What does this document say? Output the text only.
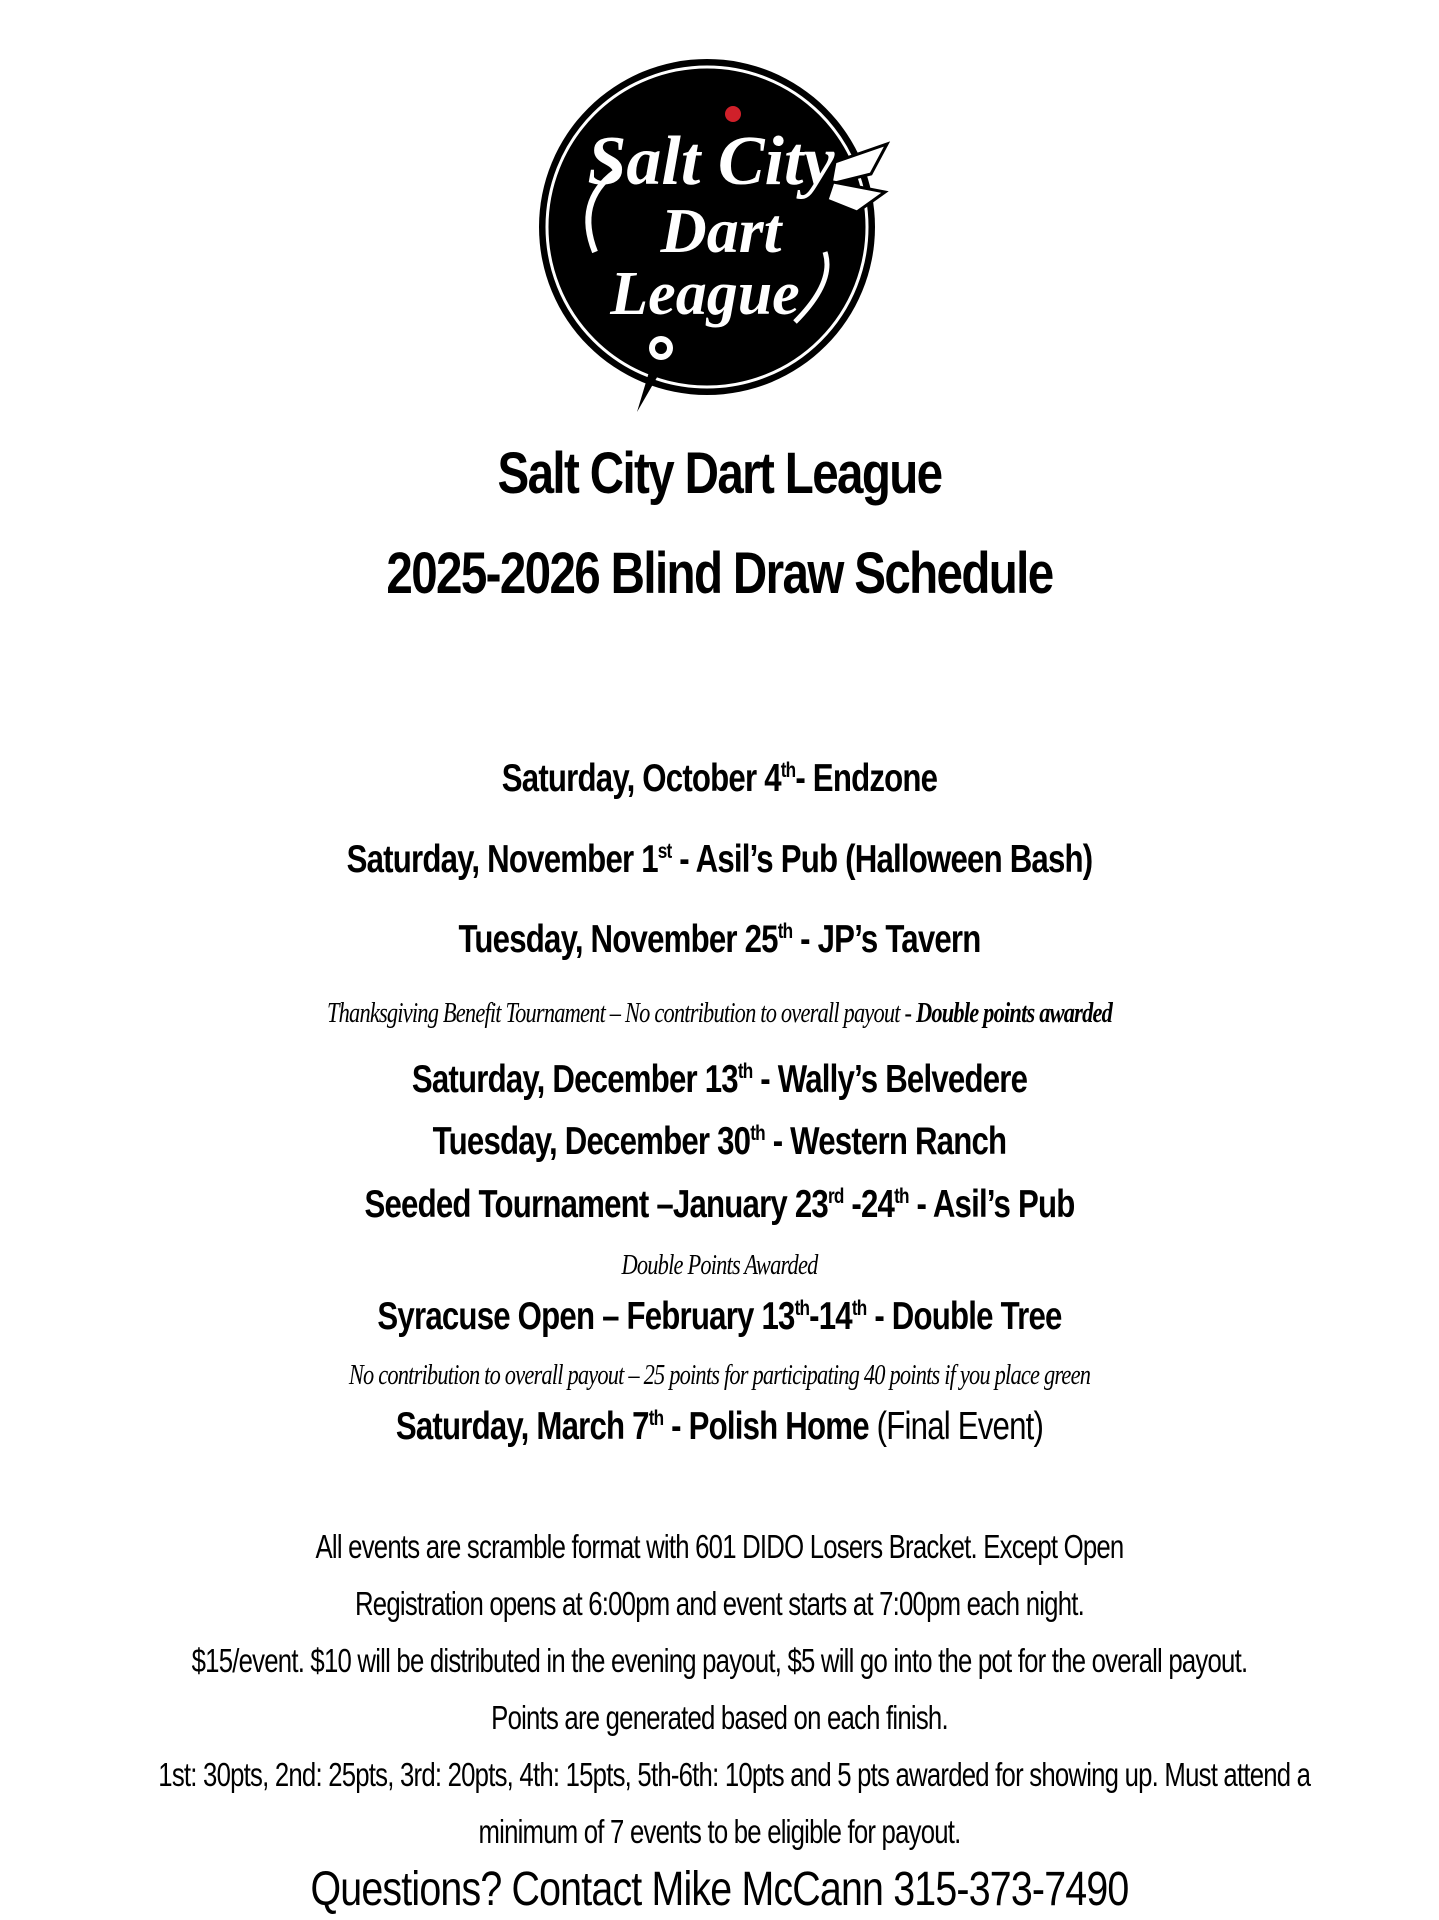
Salt City
Dart
League
Salt City Dart League
2025-2026 Blind Draw Schedule
Saturday, October 4th- Endzone
Saturday, November 1st - Asil’s Pub (Halloween Bash)
Tuesday, November 25th - JP’s Tavern
Thanksgiving Benefit Tournament – No contribution to overall payout - Double points awarded
Saturday, December 13th - Wally’s Belvedere
Tuesday, December 30th - Western Ranch
Seeded Tournament –January 23rd -24th - Asil’s Pub
Double Points Awarded
Syracuse Open – February 13th-14th - Double Tree
No contribution to overall payout – 25 points for participating 40 points if you place green
Saturday, March 7th - Polish Home (Final Event)
All events are scramble format with 601 DIDO Losers Bracket. Except Open
Registration opens at 6:00pm and event starts at 7:00pm each night.
$15/event. $10 will be distributed in the evening payout, $5 will go into the pot for the overall payout.
Points are generated based on each finish.
1st: 30pts, 2nd: 25pts, 3rd: 20pts, 4th: 15pts, 5th-6th: 10pts and 5 pts awarded for showing up. Must attend a
minimum of 7 events to be eligible for payout.
Questions? Contact Mike McCann 315-373-7490
